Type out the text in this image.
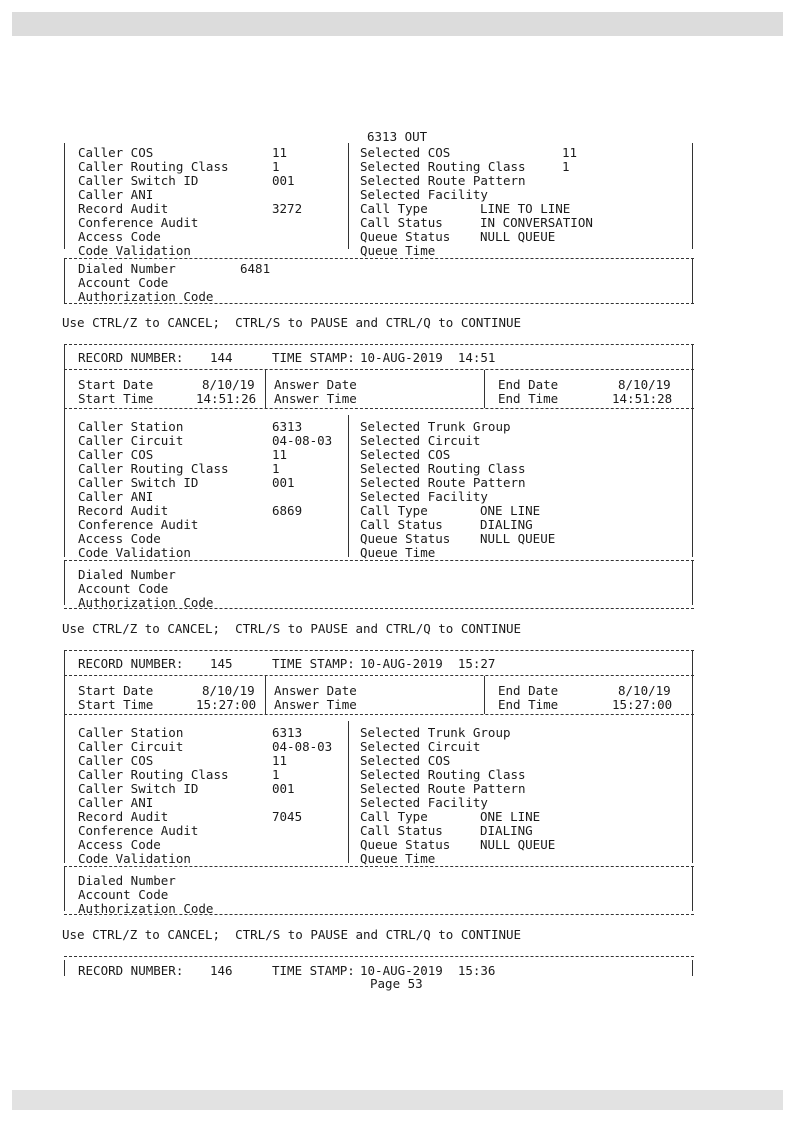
6313 OUT
Caller COS	11
Caller Routing Class	1
Caller Switch ID	001
Caller ANI
Record Audit	3272
Conference Audit
Access Code
Code Validation
Selected COS	11
Selected Routing Class	1
Selected Route Pattern
Selected Facility
Call Type	LINE TO LINE
Call Status	IN CONVERSATION
Queue Status NULL QUEUE
Queue Time
Dialed Number	6481
Account Code
Authorization Code
Use CTRL/Z to CANCEL;  CTRL/S to PAUSE and CTRL/Q to CONTINUE
RECORD NUMBER: 144	TIME STAMP: 10-AUG-2019  14:51
Start Date	8/10/19
Start Time	14:51:26
Answer Date
Answer Time
End Date	8/10/19
End Time	14:51:28
Caller Station	6313
Caller Circuit	04-08-03
Caller COS	11
Caller Routing Class	1
Caller Switch ID	001
Caller ANI
Record Audit	6869
Conference Audit
Access Code
Code Validation
Selected Trunk Group
Selected Circuit
Selected COS
Selected Routing Class
Selected Route Pattern
Selected Facility
Call Type	ONE LINE
Call Status	DIALING
Queue Status NULL QUEUE
Queue Time
Dialed Number
Account Code
Authorization Code
Use CTRL/Z to CANCEL;  CTRL/S to PAUSE and CTRL/Q to CONTINUE
RECORD NUMBER: 145	TIME STAMP: 10-AUG-2019  15:27
Start Date	8/10/19
Start Time	15:27:00
Answer Date
Answer Time
End Date	8/10/19
End Time	15:27:00
Caller Station	6313
Caller Circuit	04-08-03
Caller COS	11
Caller Routing Class	1
Caller Switch ID	001
Caller ANI
Record Audit	7045
Conference Audit
Access Code
Code Validation
Selected Trunk Group
Selected Circuit
Selected COS
Selected Routing Class
Selected Route Pattern
Selected Facility
Call Type	ONE LINE
Call Status	DIALING
Queue Status NULL QUEUE
Queue Time
Dialed Number
Account Code
Authorization Code
Use CTRL/Z to CANCEL;  CTRL/S to PAUSE and CTRL/Q to CONTINUE
RECORD NUMBER: 146	TIME STAMP: 10-AUG-2019  15:36
Page 53
